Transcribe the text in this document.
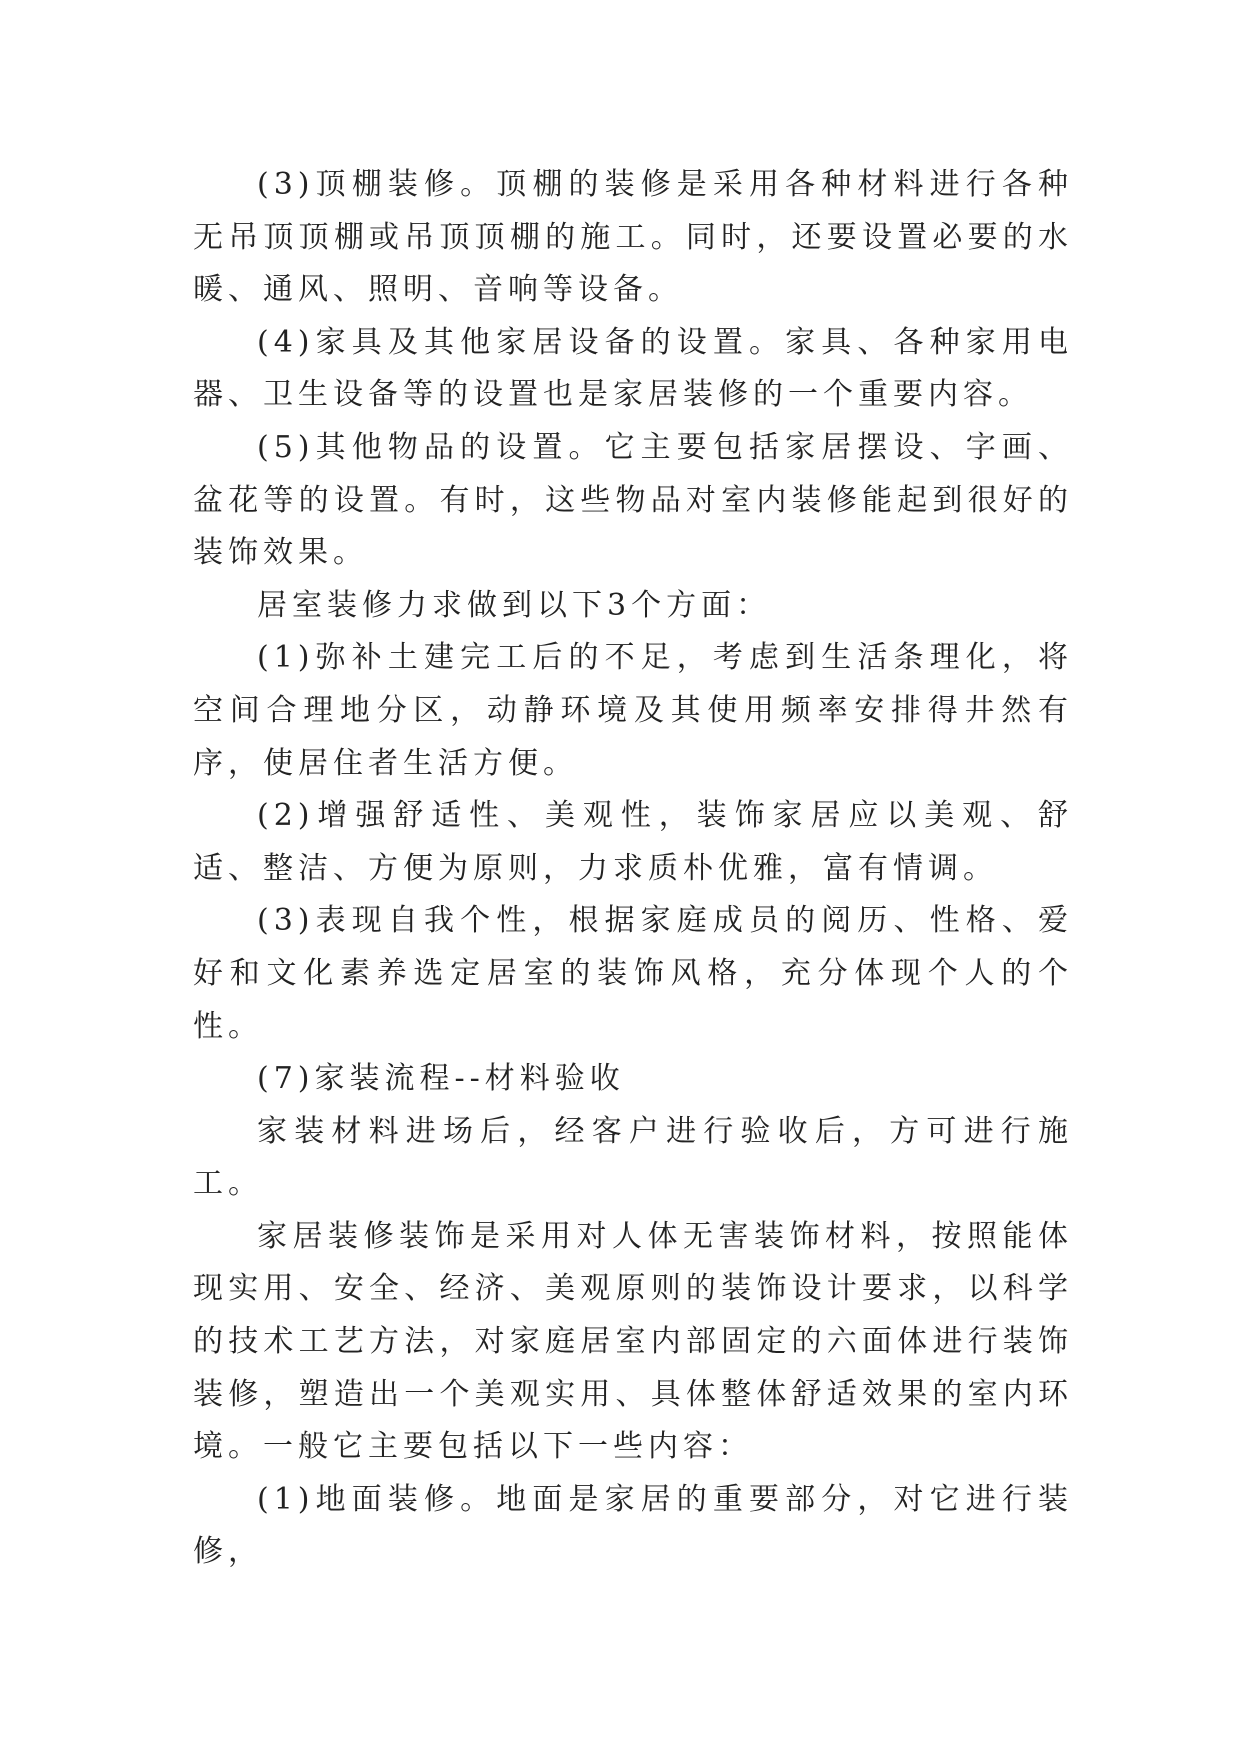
(3)顶棚装修。顶棚的装修是采用各种材料进行各种无吊顶顶棚或吊顶顶棚的施工。同时，还要设置必要的水暖、通风、照明、音响等设备。

(4)家具及其他家居设备的设置。家具、各种家用电器、卫生设备等的设置也是家居装修的一个重要内容。

(5)其他物品的设置。它主要包括家居摆设、字画、盆花等的设置。有时，这些物品对室内装修能起到很好的装饰效果。

居室装修力求做到以下3个方面：

(1)弥补土建完工后的不足，考虑到生活条理化，将空间合理地分区，动静环境及其使用频率安排得井然有序，使居住者生活方便。

(2)增强舒适性、美观性，装饰家居应以美观、舒适、整洁、方便为原则，力求质朴优雅，富有情调。

(3)表现自我个性，根据家庭成员的阅历、性格、爱好和文化素养选定居室的装饰风格，充分体现个人的个性。

(7)家装流程--材料验收

家装材料进场后，经客户进行验收后，方可进行施工。

家居装修装饰是采用对人体无害装饰材料，按照能体现实用、安全、经济、美观原则的装饰设计要求，以科学的技术工艺方法，对家庭居室内部固定的六面体进行装饰装修，塑造出一个美观实用、具体整体舒适效果的室内环境。一般它主要包括以下一些内容：

(1)地面装修。地面是家居的重要部分，对它进行装修，
